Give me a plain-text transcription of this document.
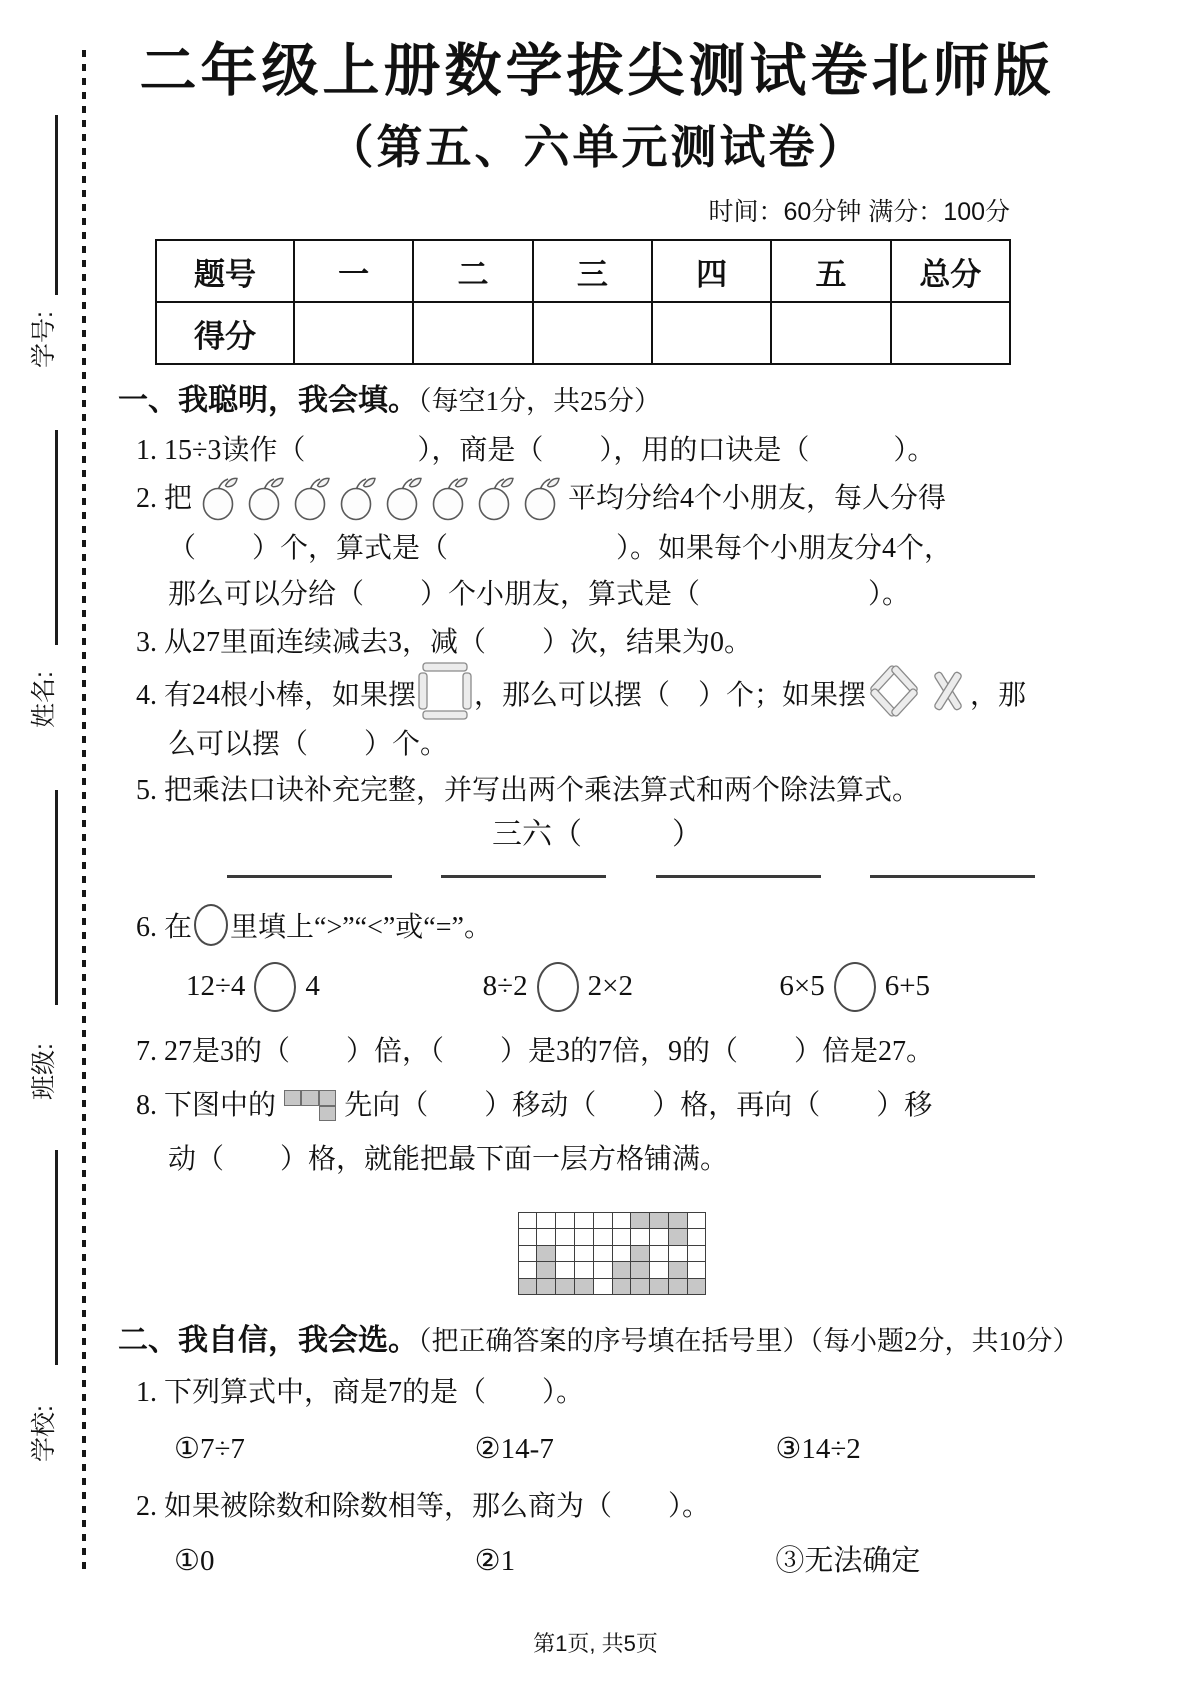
学号:
姓名:
班级:
学校:
二年级上册数学拔尖测试卷北师版
（第五、六单元测试卷）
时间：60分钟 满分：100分
题号	一	二	三	四	五	总分
得分						
一、我聪明，我会填。（每空1分，共25分）
1. 15÷3读作（　　　　），商是（　　），用的口诀是（　　　）。
2. 把	平均分给4个小朋友，每人分得
（　　）个，算式是（　　　　　　）。如果每个小朋友分4个，
那么可以分给（　　）个小朋友，算式是（　　　　　　）。
3. 从27里面连续减去3，减（　　）次，结果为0。
4. 有24根小棒，如果摆 ，那么可以摆（　）个；如果摆	，那
么可以摆（　　）个。
5. 把乘法口诀补充完整，并写出两个乘法算式和两个除法算式。
三六（　　　）
6. 在 里填上“>”“<”或“=”。
12÷4 4	8÷2 2×2	6×5 6+5
7. 27是3的（　　）倍，（　　）是3的7倍，9的（　　）倍是27。
8. 下图中的 先向（　　）移动（　　）格，再向（　　）移
动（　　）格，就能把最下面一层方格铺满。
二、我自信，我会选。（把正确答案的序号填在括号里）（每小题2分，共10分）
1. 下列算式中，商是7的是（　　）。
①7÷7	②14-7	③14÷2
2. 如果被除数和除数相等，那么商为（　　）。
①0	②1	③无法确定
第1页, 共5页
